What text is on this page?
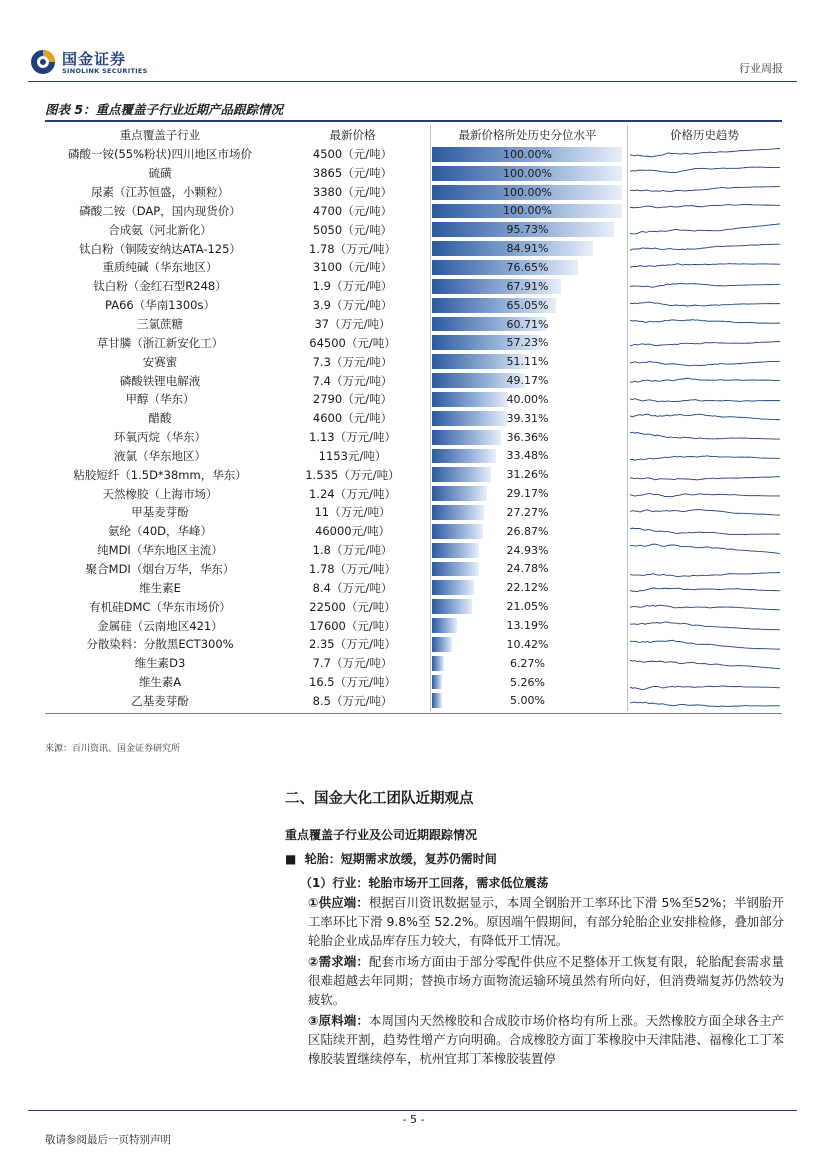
国金证券
SINOLINK SECURITIES	行业周报
图表 5：重点覆盖子行业近期产品跟踪情况
重点覆盖子行业	最新价格	最新价格所处历史分位水平	价格历史趋势
磷酸一铵(55%粉状)四川地区市场价	4500（元/吨）	100.00%
硫磺	3865（元/吨）	100.00%
尿素（江苏恒盛，小颗粒）	3380（元/吨）	100.00%
磷酸二铵（DAP，国内现货价）	4700（元/吨）	100.00%
合成氨（河北新化）	5050（元/吨）	95.73%
钛白粉（铜陵安纳达ATA-125）	1.78（万元/吨）	84.91%
重质纯碱（华东地区）	3100（元/吨）	76.65%
钛白粉（金红石型R248）	1.9（万元/吨）	67.91%
PA66（华南1300s）	3.9（万元/吨）	65.05%
三氯蔗糖	37（万元/吨）	60.71%
草甘膦（浙江新安化工）	64500（元/吨）	57.23%
安赛蜜	7.3（万元/吨）	51.11%
磷酸铁锂电解液	7.4（万元/吨）	49.17%
甲醇（华东）	2790（元/吨）	40.00%
醋酸	4600（元/吨）	39.31%
环氧丙烷（华东）	1.13（万元/吨）	36.36%
液氯（华东地区）	1153元/吨）	33.48%
粘胶短纤（1.5D*38mm，华东）	1.535（万元/吨）	31.26%
天然橡胶（上海市场）	1.24（万元/吨）	29.17%
甲基麦芽酚	11（万元/吨）	27.27%
氨纶（40D，华峰）	46000元/吨）	26.87%
纯MDI（华东地区主流）	1.8（万元/吨）	24.93%
聚合MDI（烟台万华，华东）	1.78（万元/吨）	24.78%
维生素E	8.4（万元/吨）	22.12%
有机硅DMC（华东市场价）	22500（元/吨）	21.05%
金属硅（云南地区421）	17600（元/吨）	13.19%
分散染料：分散黑ECT300%	2.35（万元/吨）	10.42%
维生素D3	7.7（万元/吨）	6.27%
维生素A	16.5（万元/吨）	5.26%
乙基麦芽酚	8.5（万元/吨）	5.00%
来源：百川资讯、国金证券研究所
二、国金大化工团队近期观点
重点覆盖子行业及公司近期跟踪情况
■ 轮胎：短期需求放缓，复苏仍需时间
（1）行业：轮胎市场开工回落，需求低位震荡
①供应端：根据百川资讯数据显示，本周全钢胎开工率环比下滑 5%至52%；半钢胎开工率环比下滑 9.8%至 52.2%。原因端午假期间，有部分轮胎企业安排检修，叠加部分轮胎企业成品库存压力较大，有降低开工情况。
②需求端：配套市场方面由于部分零配件供应不足整体开工恢复有限，轮胎配套需求量很难超越去年同期；替换市场方面物流运输环境虽然有所向好，但消费端复苏仍然较为疲软。
③原料端：本周国内天然橡胶和合成胶市场价格均有所上涨。天然橡胶方面全球各主产区陆续开割，趋势性增产方向明确。合成橡胶方面丁苯橡胶中天津陆港、福橡化工丁苯橡胶装置继续停车，杭州宜邦丁苯橡胶装置停
- 5 -
敬请参阅最后一页特别声明
